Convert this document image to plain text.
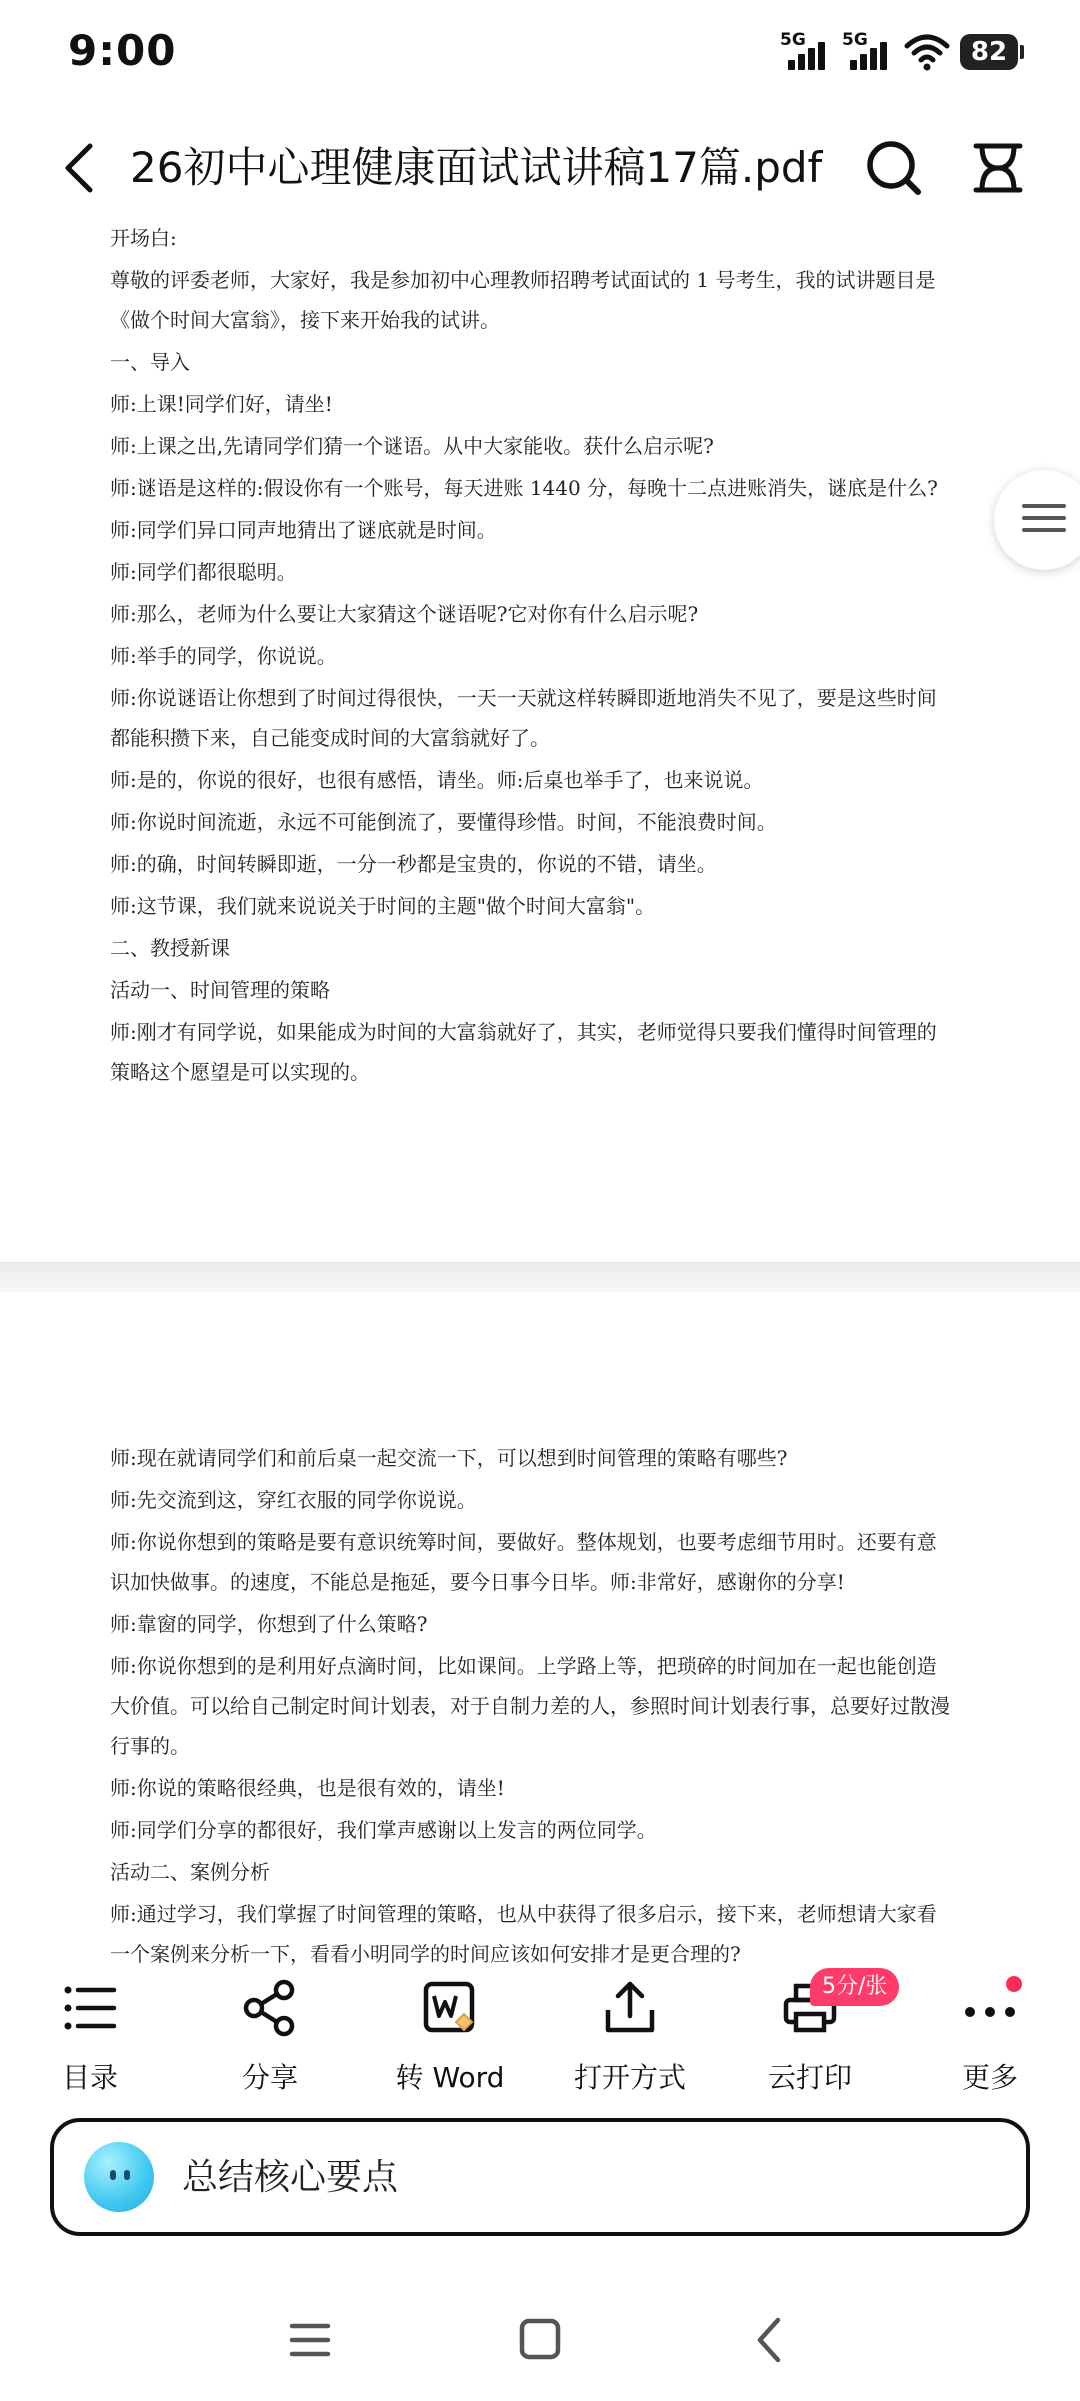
9:00	5G 5G	82
26初中心理健康面试试讲稿17篇.pdf

开场白:

尊敬的评委老师，大家好，我是参加初中心理教师招聘考试面试的 1 号考生，我的试讲题目是《做个时间大富翁》，接下来开始我的试讲。

一、导入

师:上课!同学们好，请坐!

师:上课之出,先请同学们猜一个谜语。从中大家能收。获什么启示呢?

师:谜语是这样的:假设你有一个账号，每天进账 1440 分，每晚十二点进账消失，谜底是什么?

师:同学们异口同声地猜出了谜底就是时间。

师:同学们都很聪明。

师:那么，老师为什么要让大家猜这个谜语呢?它对你有什么启示呢?

师:举手的同学，你说说。

师:你说谜语让你想到了时间过得很快，一天一天就这样转瞬即逝地消失不见了，要是这些时间都能积攒下来，自己能变成时间的大富翁就好了。

师:是的，你说的很好，也很有感悟，请坐。师:后桌也举手了，也来说说。

师:你说时间流逝，永远不可能倒流了，要懂得珍惜。时间，不能浪费时间。

师:的确，时间转瞬即逝，一分一秒都是宝贵的，你说的不错，请坐。

师:这节课，我们就来说说关于时间的主题"做个时间大富翁"。

二、教授新课

活动一、时间管理的策略

师:刚才有同学说，如果能成为时间的大富翁就好了，其实，老师觉得只要我们懂得时间管理的策略这个愿望是可以实现的。

师:现在就请同学们和前后桌一起交流一下，可以想到时间管理的策略有哪些?

师:先交流到这，穿红衣服的同学你说说。

师:你说你想到的策略是要有意识统筹时间，要做好。整体规划，也要考虑细节用时。还要有意识加快做事。的速度，不能总是拖延，要今日事今日毕。师:非常好，感谢你的分享!

师:靠窗的同学，你想到了什么策略?

师:你说你想到的是利用好点滴时间，比如课间。上学路上等，把琐碎的时间加在一起也能创造大价值。可以给自己制定时间计划表，对于自制力差的人，参照时间计划表行事，总要好过散漫行事的。

师:你说的策略很经典，也是很有效的，请坐!

师:同学们分享的都很好，我们掌声感谢以上发言的两位同学。

活动二、案例分析

师:通过学习，我们掌握了时间管理的策略，也从中获得了很多启示，接下来，老师想请大家看一个案例来分析一下，看看小明同学的时间应该如何安排才是更合理的?

目录	分享	转 Word	打开方式	云打印	更多
5分/张
总结核心要点
